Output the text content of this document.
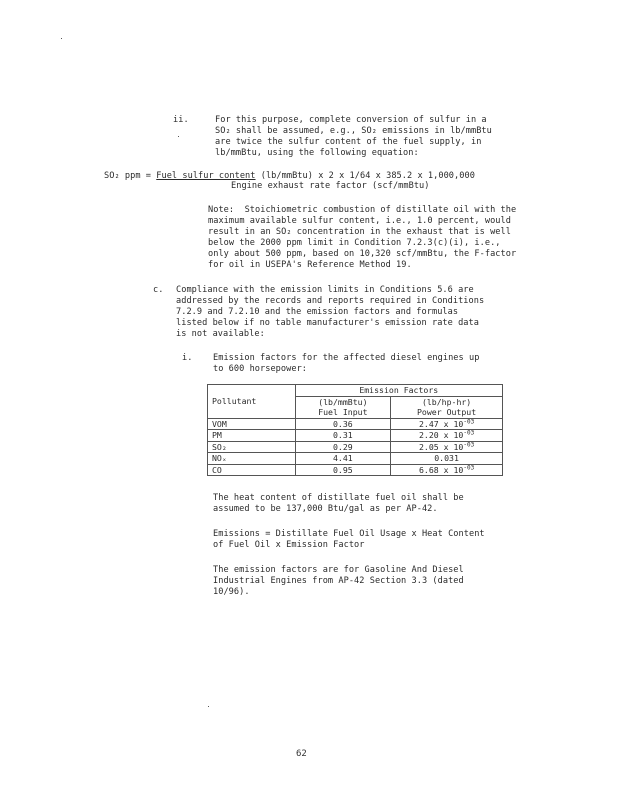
ii.	For this purpose, complete conversion of sulfur in a
SO₂ shall be assumed, e.g., SO₂ emissions in lb/mmBtu
are twice the sulfur content of the fuel supply, in
lb/mmBtu, using the following equation:
SO₂ ppm = Fuel sulfur content (lb/mmBtu) x 2 x 1/64 x 385.2 x 1,000,000
Engine exhaust rate factor (scf/mmBtu)
Note:  Stoichiometric combustion of distillate oil with the
maximum available sulfur content, i.e., 1.0 percent, would
result in an SO₂ concentration in the exhaust that is well
below the 2000 ppm limit in Condition 7.2.3(c)(i), i.e.,
only about 500 ppm, based on 10,320 scf/mmBtu, the F-factor
for oil in USEPA's Reference Method 19.
c. Compliance with the emission limits in Conditions 5.6 are
addressed by the records and reports required in Conditions
7.2.9 and 7.2.10 and the emission factors and formulas
listed below if no table manufacturer's emission rate data
is not available:
i. Emission factors for the affected diesel engines up
to 600 horsepower:
Pollutant	Emission Factors	
	(lb/mmBtu)	(lb/hp-hr)
	Fuel Input	Power Output
VOM	0.36	2.47 x $10^{-03}$
PM	0.31	2.20 x $10^{-03}$
SO₂	0.29	2.05 x $10^{-03}$
NOₓ	4.41	0.031
CO	0.95	6.68 x $10^{-03}$
The heat content of distillate fuel oil shall be
assumed to be 137,000 Btu/gal as per AP-42.
Emissions = Distillate Fuel Oil Usage x Heat Content
of Fuel Oil x Emission Factor
The emission factors are for Gasoline And Diesel
Industrial Engines from AP-42 Section 3.3 (dated
10/96).
62
